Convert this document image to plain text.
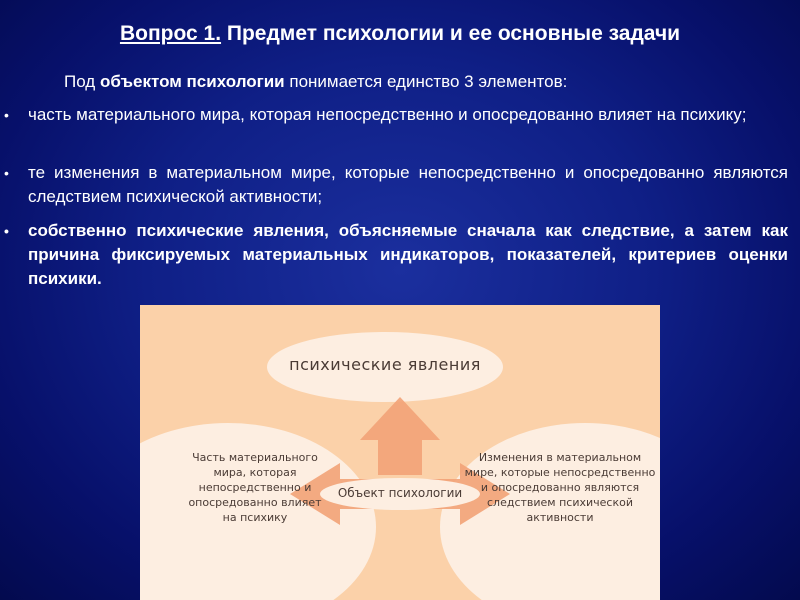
Вопрос 1. Предмет психологии и ее основные задачи
Под объектом психологии понимается единство 3 элементов:
• часть материального мира, которая непосредственно и опосредованно влияет на психику;
• те изменения в материальном мире, которые непосредственно и опосредованно являются следствием психической активности;
• собственно психические явления, объясняемые сначала как следствие, а затем как причина фиксируемых материальных индикаторов, показателей, критериев оценки психики.
психические явления
Часть материального мира, которая непосредственно и опосредованно влияет на психику
Изменения в материальном мире, которые непосредственно и опосредованно являются следствием психической активности
Объект психологии
